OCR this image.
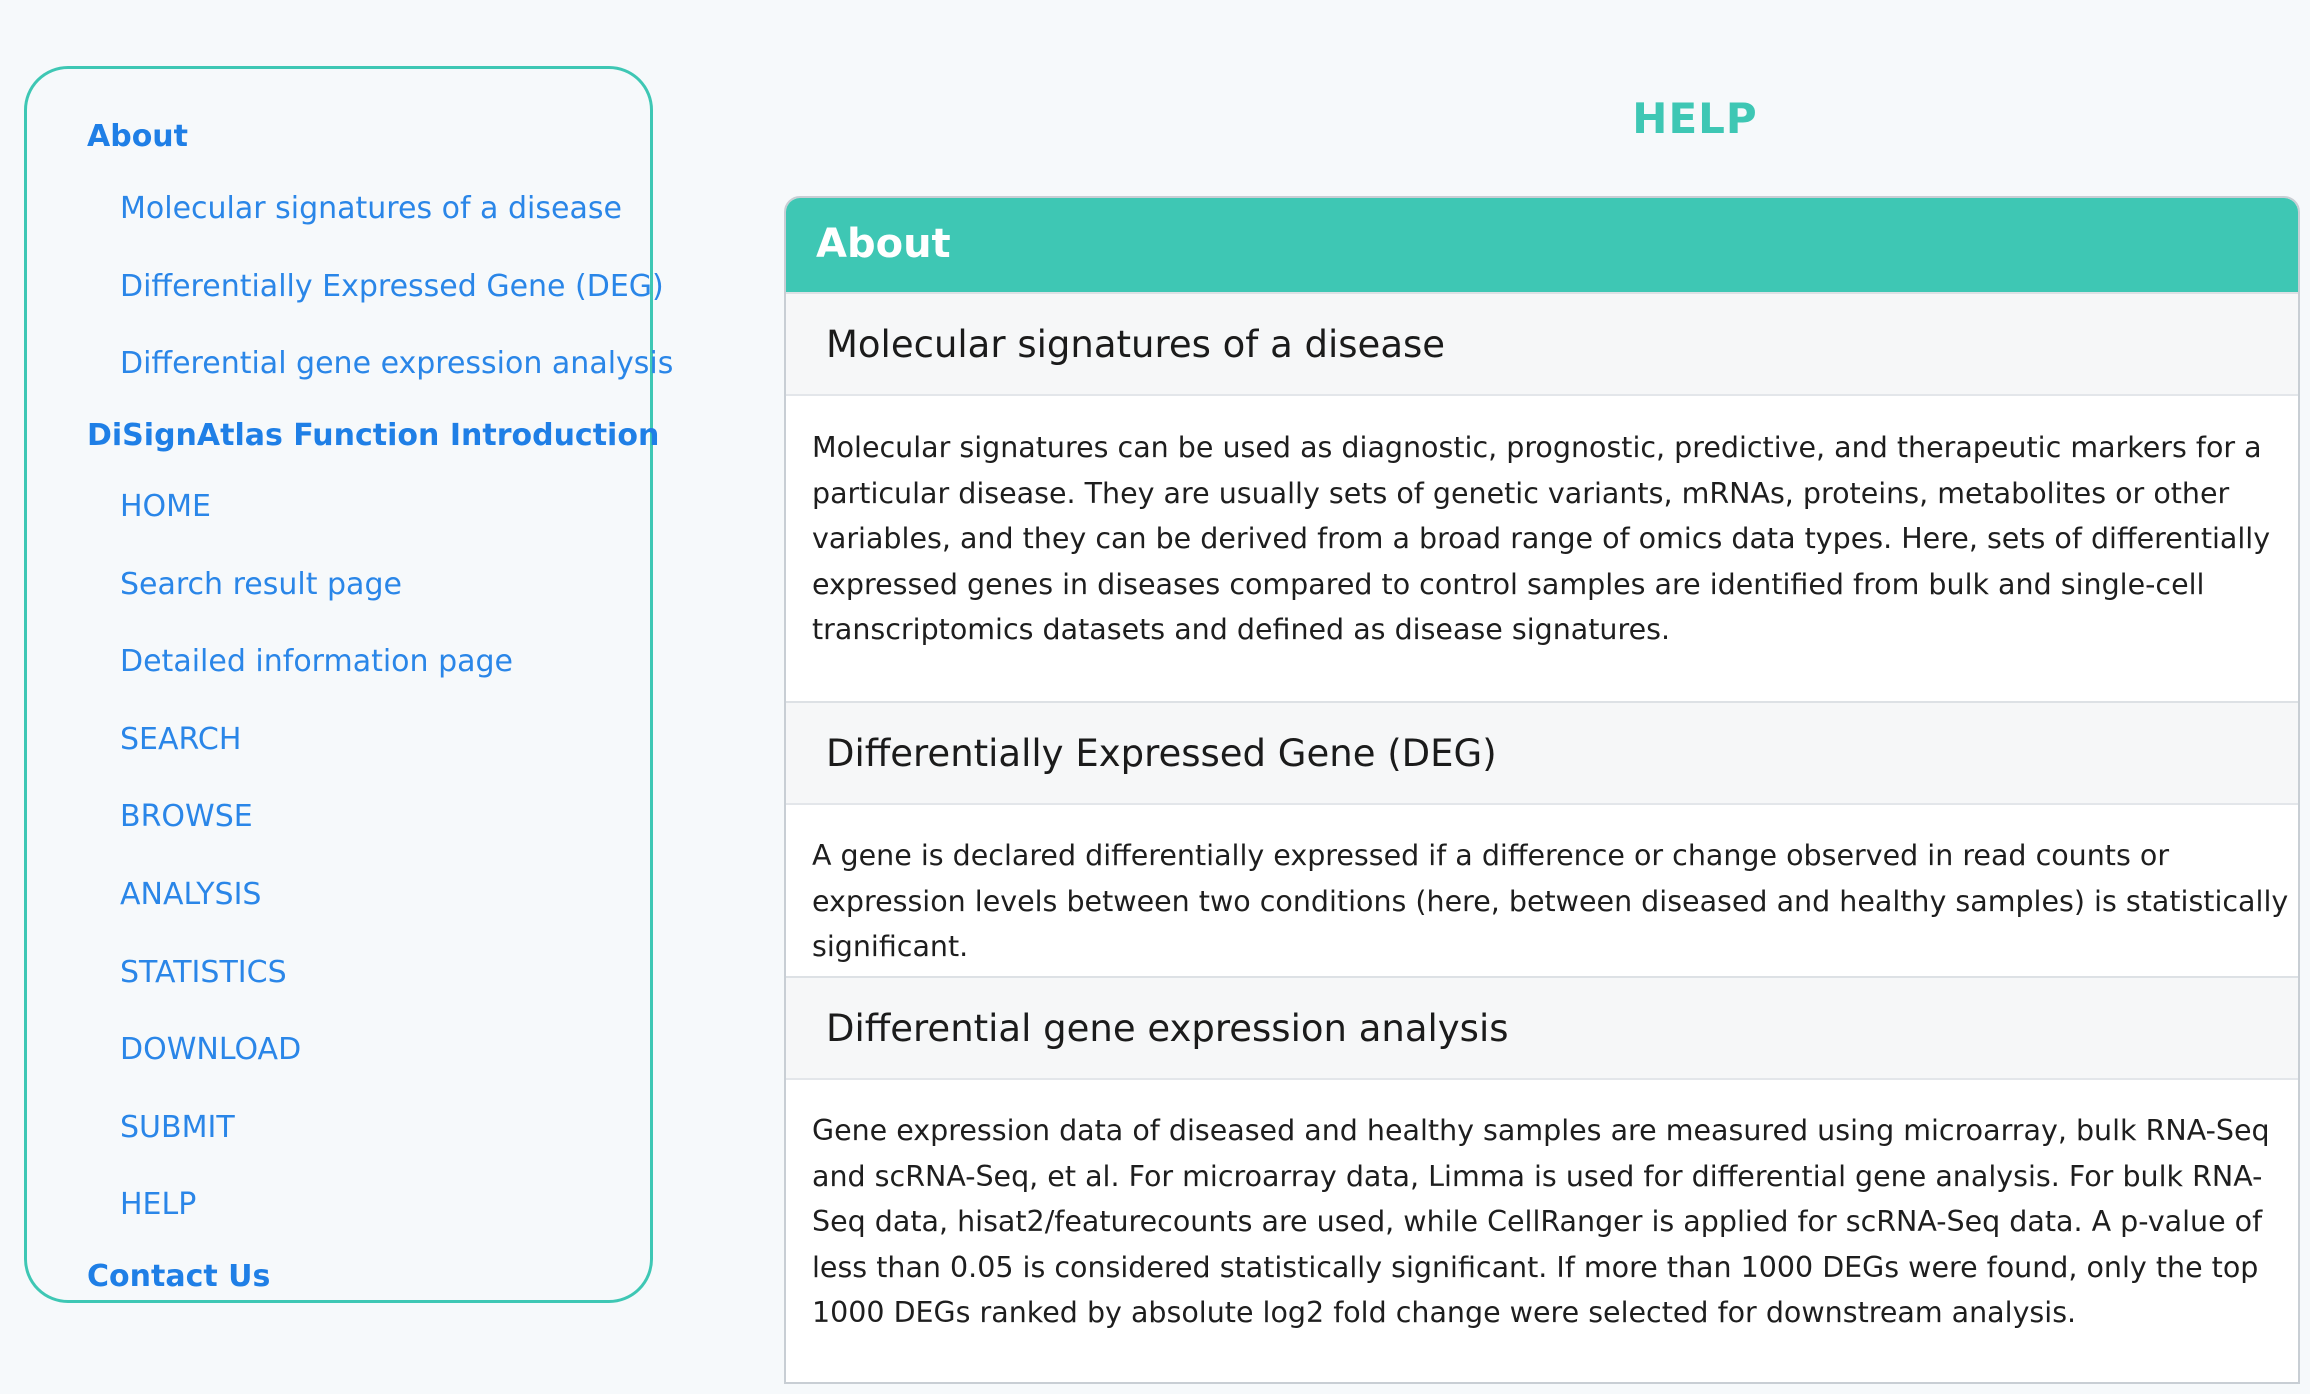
About
Molecular signatures of a disease
Differentially Expressed Gene (DEG)
Differential gene expression analysis
DiSignAtlas Function Introduction
HOME
Search result page
Detailed information page
SEARCH
BROWSE
ANALYSIS
STATISTICS
DOWNLOAD
SUBMIT
HELP
Contact Us
HELP
About
Molecular signatures of a disease

Molecular signatures can be used as diagnostic, prognostic, predictive, and therapeutic markers for a particular disease. They are usually sets of genetic variants, mRNAs, proteins, metabolites or other variables, and they can be derived from a broad range of omics data types. Here, sets of differentially expressed genes in diseases compared to control samples are identified from bulk and single-cell transcriptomics datasets and defined as disease signatures.

Differentially Expressed Gene (DEG)

A gene is declared differentially expressed if a difference or change observed in read counts or expression levels between two conditions (here, between diseased and healthy samples) is statistically significant.

Differential gene expression analysis

Gene expression data of diseased and healthy samples are measured using microarray, bulk RNA-Seq and scRNA-Seq, et al. For microarray data, Limma is used for differential gene analysis. For bulk RNA-Seq data, hisat2/featurecounts are used, while CellRanger is applied for scRNA-Seq data. A p-value of less than 0.05 is considered statistically significant. If more than 1000 DEGs were found, only the top 1000 DEGs ranked by absolute log2 fold change were selected for downstream analysis.
